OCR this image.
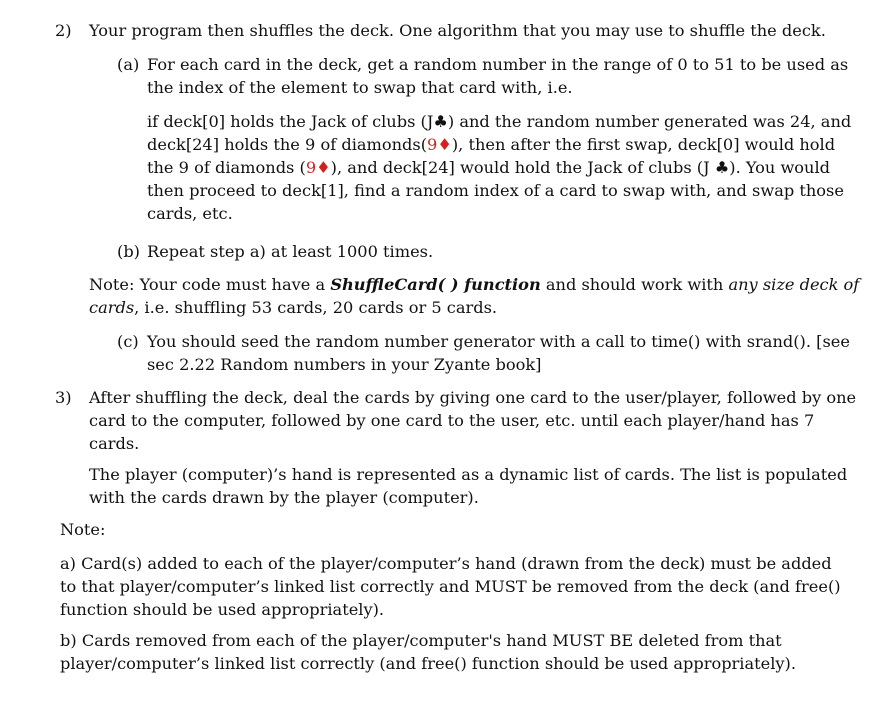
2) Your program then shuffles the deck. One algorithm that you may use to shuffle the deck.

(a) For each card in the deck, get a random number in the range of 0 to 51 to be used as

the index of the element to swap that card with, i.e.

if deck[0] holds the Jack of clubs (J♣) and the random number generated was 24, and

deck[24] holds the 9 of diamonds(9♦), then after the first swap, deck[0] would hold

the 9 of diamonds (9♦), and deck[24] would hold the Jack of clubs (J ♣). You would

then proceed to deck[1], find a random index of a card to swap with, and swap those

cards, etc.

(b) Repeat step a) at least 1000 times.

Note: Your code must have a ShuffleCard( ) function and should work with any size deck of

cards, i.e. shuffling 53 cards, 20 cards or 5 cards.

(c) You should seed the random number generator with a call to time() with srand(). [see

sec 2.22 Random numbers in your Zyante book]

3) After shuffling the deck, deal the cards by giving one card to the user/player, followed by one

card to the computer, followed by one card to the user, etc. until each player/hand has 7

cards.

The player (computer)’s hand is represented as a dynamic list of cards. The list is populated

with the cards drawn by the player (computer).

Note:

a) Card(s) added to each of the player/computer’s hand (drawn from the deck) must be added

to that player/computer’s linked list correctly and MUST be removed from the deck (and free()

function should be used appropriately).

b) Cards removed from each of the player/computer's hand MUST BE deleted from that

player/computer’s linked list correctly (and free() function should be used appropriately).
